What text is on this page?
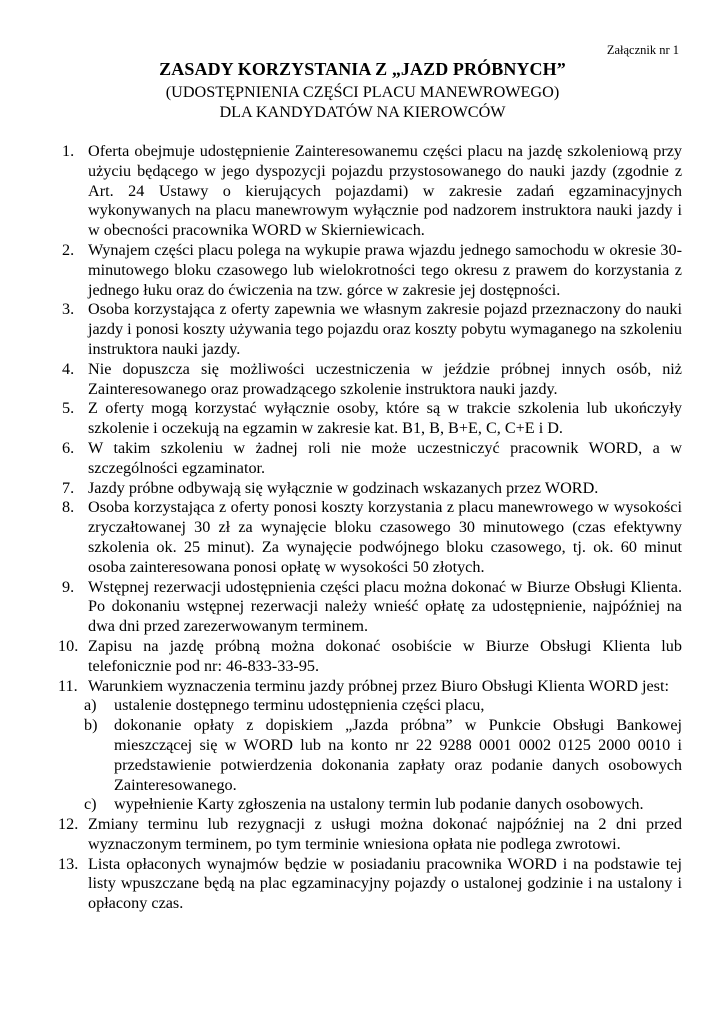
Załącznik nr 1
ZASADY KORZYSTANIA Z „JAZD PRÓBNYCH”
(UDOSTĘPNIENIA CZĘŚCI PLACU MANEWROWEGO)
DLA KANDYDATÓW NA KIEROWCÓW
1. Oferta obejmuje udostępnienie Zainteresowanemu części placu na jazdę szkoleniową przy użyciu będącego w jego dyspozycji pojazdu przystosowanego do nauki jazdy (zgodnie z Art. 24 Ustawy o kierujących pojazdami) w zakresie zadań egzaminacyjnych wykonywanych na placu manewrowym wyłącznie pod nadzorem instruktora nauki jazdy i w obecności pracownika WORD w Skierniewicach.
2. Wynajem części placu polega na wykupie prawa wjazdu jednego samochodu w okresie 30-minutowego bloku czasowego lub wielokrotności tego okresu z prawem do korzystania z jednego łuku oraz do ćwiczenia na tzw. górce w zakresie jej dostępności.
3. Osoba korzystająca z oferty zapewnia we własnym zakresie pojazd przeznaczony do nauki jazdy i ponosi koszty używania tego pojazdu oraz koszty pobytu wymaganego na szkoleniu instruktora nauki jazdy.
4. Nie dopuszcza się możliwości uczestniczenia w jeździe próbnej innych osób, niż Zainteresowanego oraz prowadzącego szkolenie instruktora nauki jazdy.
5. Z oferty mogą korzystać wyłącznie osoby, które są w trakcie szkolenia lub ukończyły szkolenie i oczekują na egzamin w zakresie kat. B1, B, B+E, C, C+E i D.
6. W takim szkoleniu w żadnej roli nie może uczestniczyć pracownik WORD, a w szczególności egzaminator.
7. Jazdy próbne odbywają się wyłącznie w godzinach wskazanych przez WORD.
8. Osoba korzystająca z oferty ponosi koszty korzystania z placu manewrowego w wysokości zryczałtowanej 30 zł za wynajęcie bloku czasowego 30 minutowego (czas efektywny szkolenia ok. 25 minut). Za wynajęcie podwójnego bloku czasowego, tj. ok. 60 minut osoba zainteresowana ponosi opłatę w wysokości 50 złotych.
9. Wstępnej rezerwacji udostępnienia części placu można dokonać w Biurze Obsługi Klienta. Po dokonaniu wstępnej rezerwacji należy wnieść opłatę za udostępnienie, najpóźniej na dwa dni przed zarezerwowanym terminem.
10. Zapisu na jazdę próbną można dokonać osobiście w Biurze Obsługi Klienta lub telefonicznie pod nr: 46-833-33-95.
11. Warunkiem wyznaczenia terminu jazdy próbnej przez Biuro Obsługi Klienta WORD jest:
a) ustalenie dostępnego terminu udostępnienia części placu,
b) dokonanie opłaty z dopiskiem „Jazda próbna” w Punkcie Obsługi Bankowej mieszczącej się w WORD lub na konto nr 22 9288 0001 0002 0125 2000 0010 i przedstawienie potwierdzenia dokonania zapłaty oraz podanie danych osobowych Zainteresowanego.
c) wypełnienie Karty zgłoszenia na ustalony termin lub podanie danych osobowych.
12. Zmiany terminu lub rezygnacji z usługi można dokonać najpóźniej na 2 dni przed wyznaczonym terminem, po tym terminie wniesiona opłata nie podlega zwrotowi.
13. Lista opłaconych wynajmów będzie w posiadaniu pracownika WORD i na podstawie tej listy wpuszczane będą na plac egzaminacyjny pojazdy o ustalonej godzinie i na ustalony i opłacony czas.
